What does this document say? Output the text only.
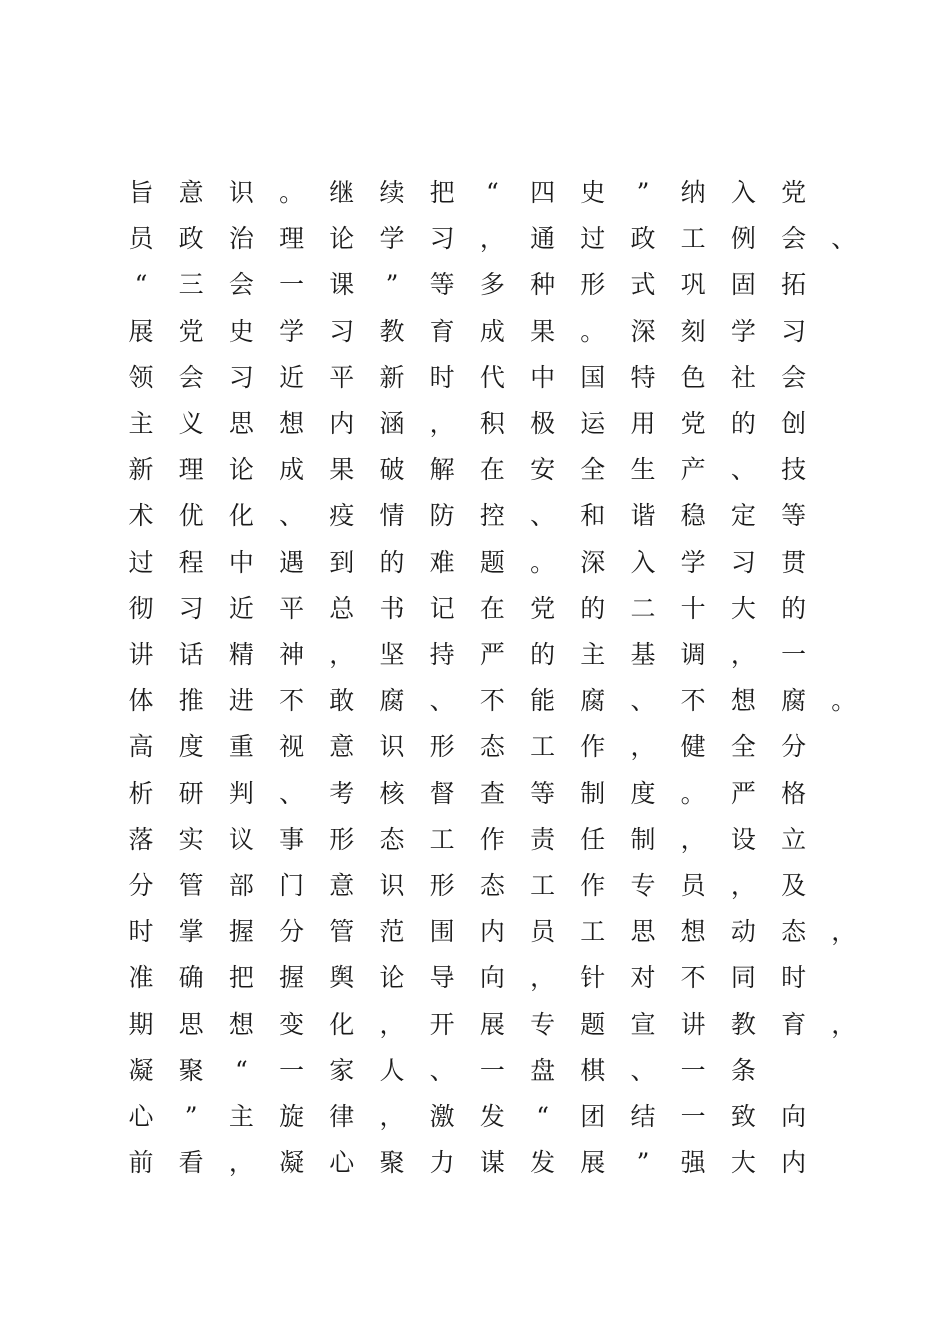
旨	意	识	。	继	续	把	“	四	史	”	纳	入	党
员	政	治	理	论	学	习	，	通	过	政	工	例	会	、
“	三	会	一	课	”	等	多	种	形	式	巩	固	拓
展	党	史	学	习	教	育	成	果	。	深	刻	学	习
领	会	习	近	平	新	时	代	中	国	特	色	社	会
主	义	思	想	内	涵	，	积	极	运	用	党	的	创
新	理	论	成	果	破	解	在	安	全	生	产	、	技
术	优	化	、	疫	情	防	控	、	和	谐	稳	定	等
过	程	中	遇	到	的	难	题	。	深	入	学	习	贯
彻	习	近	平	总	书	记	在	党	的	二	十	大	的
讲	话	精	神	，	坚	持	严	的	主	基	调	，	一
体	推	进	不	敢	腐	、	不	能	腐	、	不	想	腐	。
高	度	重	视	意	识	形	态	工	作	，	健	全	分
析	研	判	、	考	核	督	查	等	制	度	。	严	格
落	实	议	事	形	态	工	作	责	任	制	，	设	立
分	管	部	门	意	识	形	态	工	作	专	员	，	及
时	掌	握	分	管	范	围	内	员	工	思	想	动	态	，
准	确	把	握	舆	论	导	向	，	针	对	不	同	时
期	思	想	变	化	，	开	展	专	题	宣	讲	教	育	，
凝	聚	“	一	家	人	、	一	盘	棋	、	一	条
心	”	主	旋	律	，	激	发	“	团	结	一	致	向
前	看	，	凝	心	聚	力	谋	发	展	”	强	大	内
